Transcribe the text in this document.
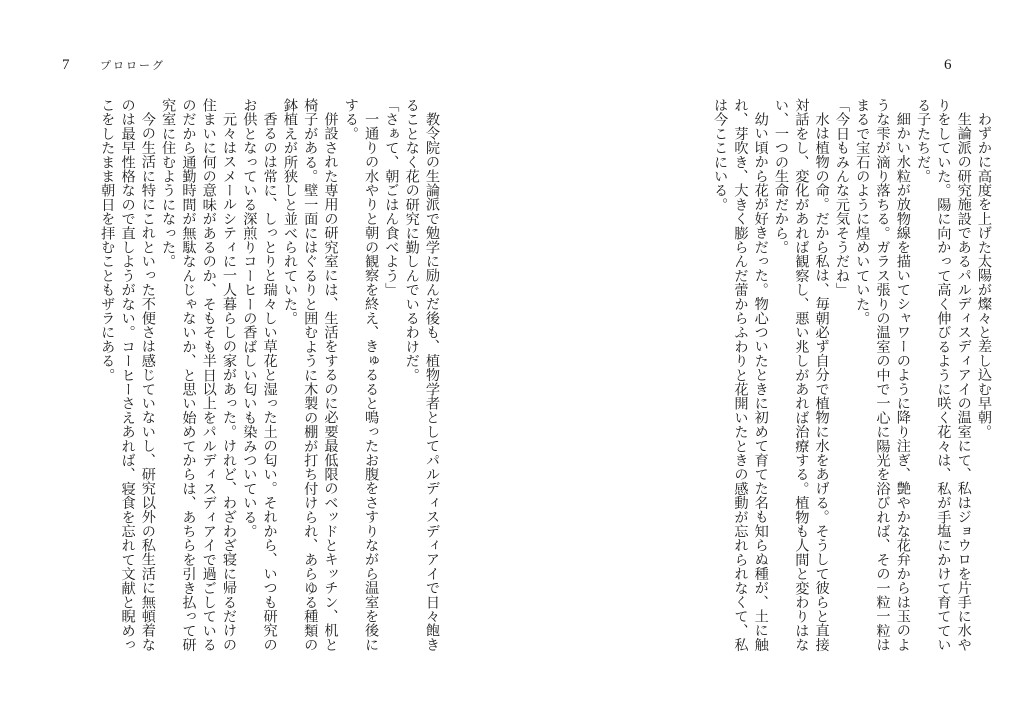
7	プロローグ

教令院の生論派で勉学に励んだ後も、植物学者としてパルディスディアイで日々飽きることなく花の研究に勤しんでいるわけだ。

「さぁて、朝ごはん食べよう」

一通りの水やりと朝の観察を終え、きゅるると鳴ったお腹をさすりながら温室を後にする。

併設された専用の研究室には、生活をするのに必要最低限のベッドとキッチン、机と椅子がある。壁一面にはぐるりと囲むように木製の棚が打ち付けられ、あらゆる種類の鉢植えが所狭しと並べられていた。

香るのは常に、しっとりと瑞々しい草花と湿った土の匂い。それから、いつも研究のお供となっている深煎りコーヒーの香ばしい匂いも染みついている。

元々はスメールシティに一人暮らしの家があった。けれど、わざわざ寝に帰るだけの住まいに何の意味があるのか、そもそも半日以上をパルディスディアイで過ごしているのだから通勤時間が無駄なんじゃないか、と思い始めてからは、あちらを引き払って研究室に住むようになった。

今の生活に特にこれといった不便さは感じていないし、研究以外の私生活に無頓着なのは最早性格なので直しようがない。コーヒーさえあれば、寝食を忘れて文献と睨めっこをしたまま朝日を拝むこともザラにある。

6

わずかに高度を上げた太陽が燦々と差し込む早朝。

生論派の研究施設であるパルディスディアイの温室にて、私はジョウロを片手に水やりをしていた。陽に向かって高く伸びるように咲く花々は、私が手塩にかけて育てている子たちだ。

細かい水粒が放物線を描いてシャワーのように降り注ぎ、艶やかな花弁からは玉のような雫が滴り落ちる。ガラス張りの温室の中で一心に陽光を浴びれば、その一粒一粒はまるで宝石のように煌めいていた。

「今日もみんな元気そうだね」

水は植物の命。だから私は、毎朝必ず自分で植物に水をあげる。そうして彼らと直接対話をし、変化があれば観察し、悪い兆しがあれば治療する。植物も人間と変わりはない、一つの生命だから。

幼い頃から花が好きだった。物心ついたときに初めて育てた名も知らぬ種が、土に触れ、芽吹き、大きく膨らんだ蕾からふわりと花開いたときの感動が忘れられなくて、私は今ここにいる。
